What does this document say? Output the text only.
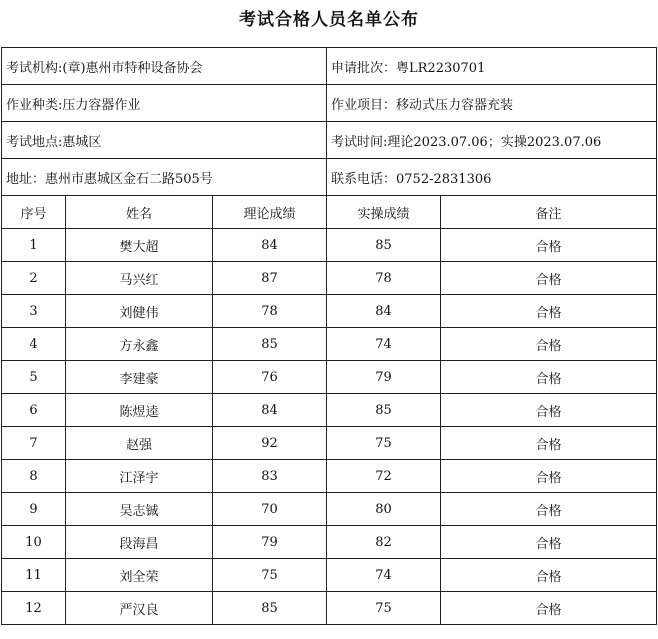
考试合格人员名单公布
考试机构:(章)惠州市特种设备协会			申请批次：粤LR2230701	
作业种类:压力容器作业			作业项目：移动式压力容器充装	
考试地点:惠城区			考试时间:理论2023.07.06；实操2023.07.06	
地址：惠州市惠城区金石二路505号			联系电话：0752-2831306	
序号	姓名	理论成绩	实操成绩	备注
1	樊大超	84	85	合格
2	马兴红	87	78	合格
3	刘健伟	78	84	合格
4	方永鑫	85	74	合格
5	李建豪	76	79	合格
6	陈煜逵	84	85	合格
7	赵强	92	75	合格
8	江泽宇	83	72	合格
9	吴志铖	70	80	合格
10	段海昌	79	82	合格
11	刘全荣	75	74	合格
12	严汉良	85	75	合格
